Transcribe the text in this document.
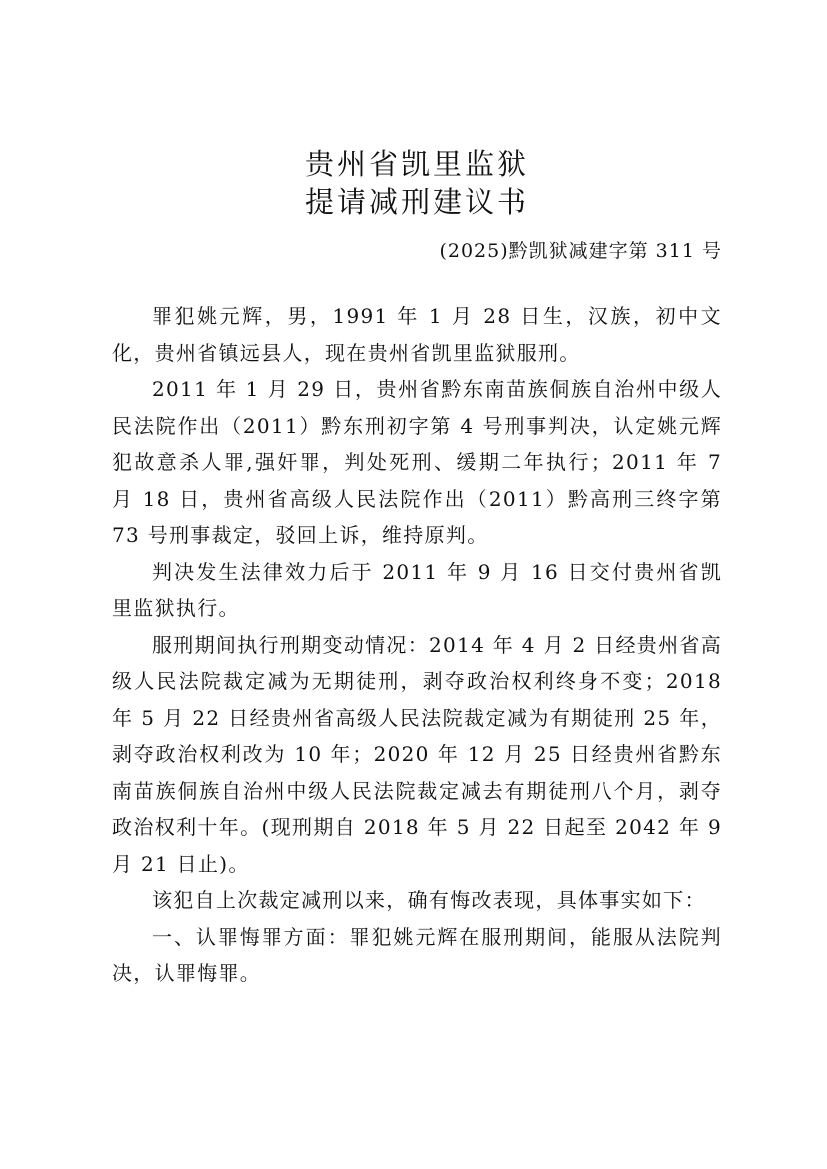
贵州省凯里监狱
提请减刑建议书
(2025)黔凯狱减建字第 311 号

罪犯姚元辉，男，1991 年 1 月 28 日生，汉族，初中文化，贵州省镇远县人，现在贵州省凯里监狱服刑。

2011 年 1 月 29 日，贵州省黔东南苗族侗族自治州中级人民法院作出（2011）黔东刑初字第 4 号刑事判决，认定姚元辉犯故意杀人罪,强奸罪，判处死刑、缓期二年执行；2011 年 7 月 18 日，贵州省高级人民法院作出（2011）黔高刑三终字第 73 号刑事裁定，驳回上诉，维持原判。

判决发生法律效力后于 2011 年 9 月 16 日交付贵州省凯里监狱执行。

服刑期间执行刑期变动情况：2014 年 4 月 2 日经贵州省高级人民法院裁定减为无期徒刑，剥夺政治权利终身不变；2018 年 5 月 22 日经贵州省高级人民法院裁定减为有期徒刑 25 年，剥夺政治权利改为 10 年；2020 年 12 月 25 日经贵州省黔东南苗族侗族自治州中级人民法院裁定减去有期徒刑八个月，剥夺政治权利十年。(现刑期自 2018 年 5 月 22 日起至 2042 年 9 月 21 日止)。

该犯自上次裁定减刑以来，确有悔改表现，具体事实如下：

一、认罪悔罪方面：罪犯姚元辉在服刑期间，能服从法院判决，认罪悔罪。
